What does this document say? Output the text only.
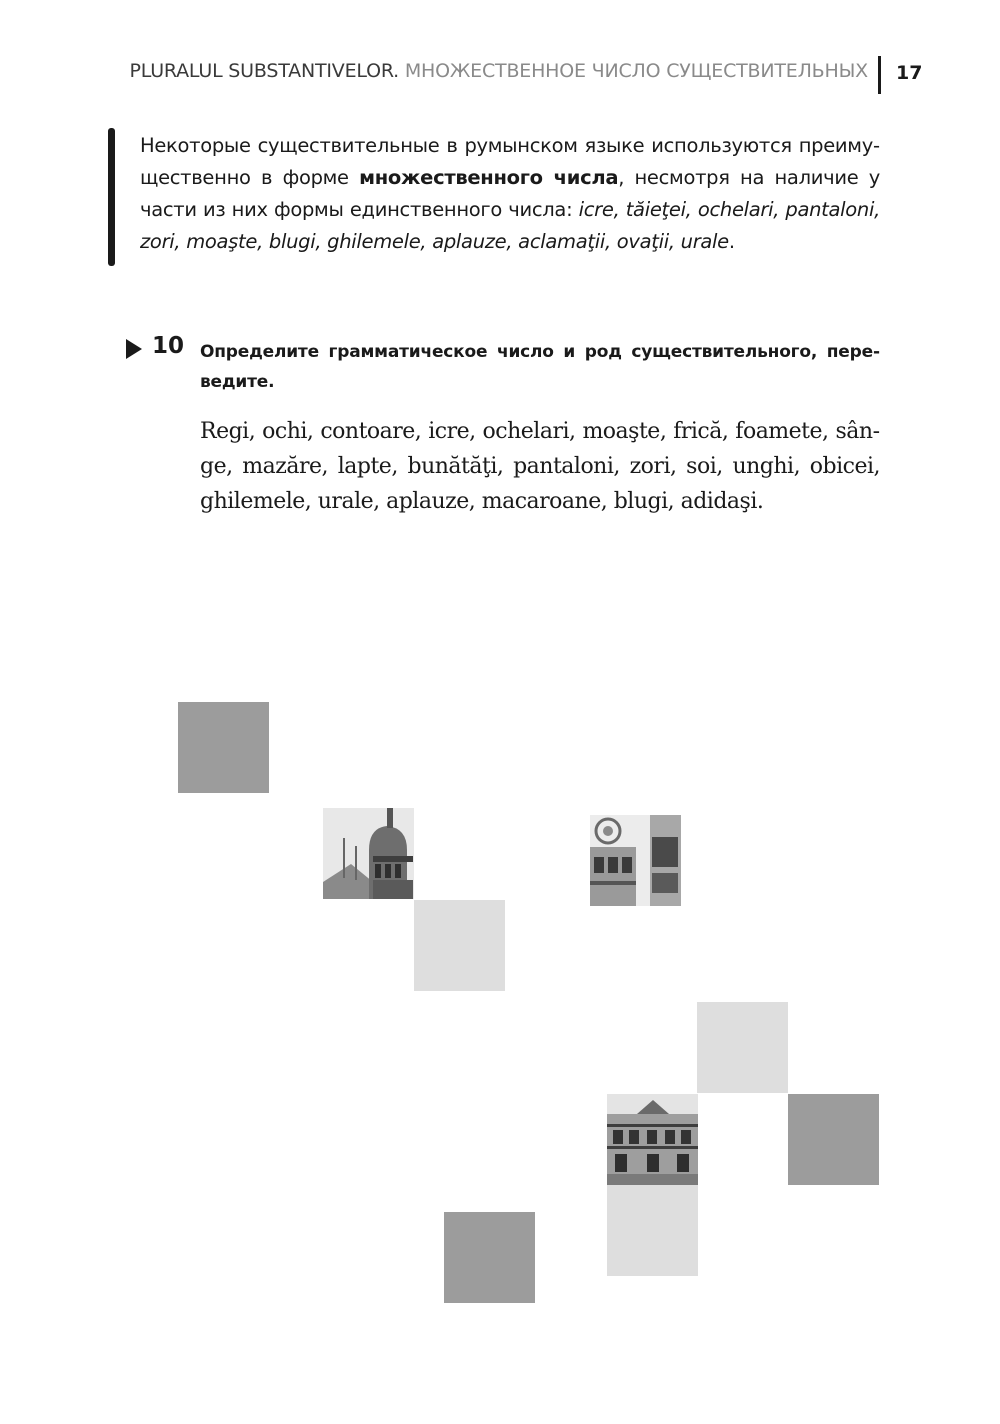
PLURALUL SUBSTANTIVELOR. МНОЖЕСТВЕННОЕ ЧИСЛО СУЩЕСТВИТЕЛЬНЫХ 17

Некоторые существительные в румынском языке используются преимущественно в форме множественного числа, несмотря на наличие у части из них формы единственного числа: icre, tăieţei, ochelari, pantaloni, zori, moaşte, blugi, ghilemele, aplauze, aclamaţii, ovaţii, urale.

10 Определите грамматическое число и род существительного, переведите.

Regi, ochi, contoare, icre, ochelari, moaşte, frică, foamete, sânge, mazăre, lapte, bunătăţi, pantaloni, zori, soi, unghi, obicei, ghilemele, urale, aplauze, macaroane, blugi, adidaşi.
